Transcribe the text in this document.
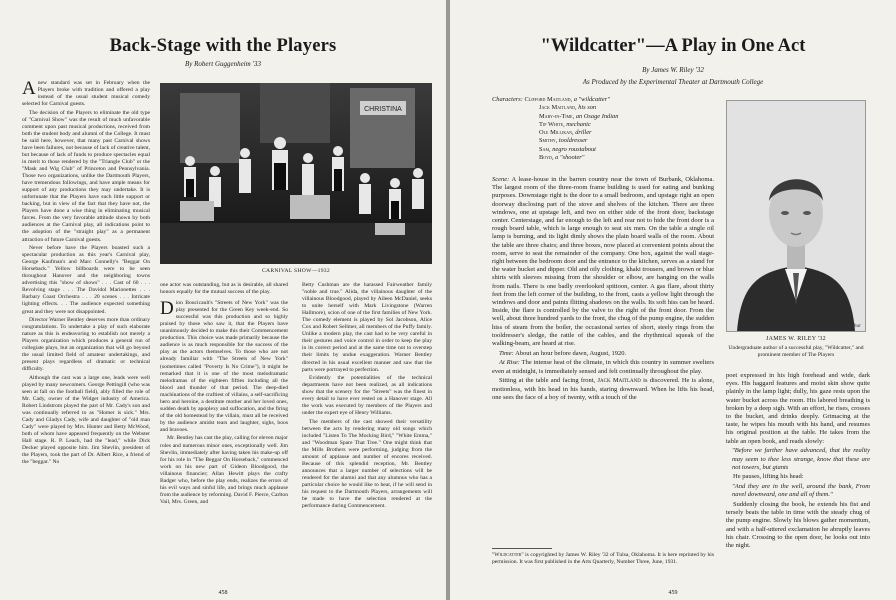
Back-Stage with the Players
By Robert Guggenheim '33

Anew standard was set in February when the Players broke with tradition and offered a play instead of the usual student musical comedy selected for Carnival guests.

The decision of the Players to eliminate the old type of "Carnival Show" was the result of much unfavorable comment upon past musical productions, received from both the student body and alumni of the College. It must be said here, however, that many past Carnival shows have been failures, not because of lack of creative talent, but because of lack of funds to produce spectacles equal in merit to those rendered by the "Triangle Club" or the "Mask and Wig Club" of Princeton and Pennsylvania. Those two organizations, unlike the Dartmouth Players, have tremendous followings, and have ample means for support of any productions they may undertake. It is unfortunate that the Players have such little support or backing, but in view of the fact that they have not, the Players have done a wise thing in eliminating musical farces. From the very favorable attitude shown by both audiences at the Carnival play, all indications point to the adoption of the "straight play" as a permanent attraction of future Carnival guests.

Never before have the Players boasted such a spectacular production as this year's Carnival play, George Kaufman's and Marc Connelly's "Beggar On Horseback." Yellow billboards were to be seen throughout Hanover and the neighboring towns advertising this "show of shows" . . . Cast of 60 . . . Revolving stage . . . The Davidol Marionettes . . . Barbary Coast Orchestra . . . 20 scenes . . . Intricate lighting effects. . . The audience expected something great and they were not disappointed.

Director Warner Bentley deserves more than ordinary congratulations. To undertake a play of such elaborate nature as this is endeavoring to establish not merely a Players organization which produces a general run of collegiate plays, but an organization that will go beyond the usual limited field of amateur undertakings, and present plays regardless of dramatic or technical difficulty.

Although the cast was a large one, leads were well played by many newcomers. George Pettingill (who was seen at fall on the football field), ably filled the role of Mr. Cady, owner of the Widget industry of America. Robert Lindstrom played the part of Mr. Cady's son and was continually referred to as "Homer is sick." Mrs. Cady and Gladys Cady, wife and daughter of "old man Cady" were played by Mrs. Hunter and Betty McWood, both of whom have appeared frequently on the Webster Hall stage. R. P. Leach, had the "lead," while Dick Decker played opposite him. Jim Shevlin, president of the Players, took the part of Dr. Albert Rice, a friend of the "beggar." No

CHRISTINA
CARNIVAL SHOW—1932

one actor was outstanding, but as is desirable, all shared honors equally for the mutual success of the play.

Dion Boucicault's "Streets of New York" was the play presented for the Green Key week-end. So successful was this production and so highly praised by those who saw it, that the Players have unanimously decided to make this their Commencement production. This choice was made primarily because the audience is as much responsible for the success of the play as the actors themselves. To those who are not already familiar with "The Streets of New York" (sometimes called "Poverty Is No Crime"), it might be remarked that it is one of the most melodramatic melodramas of the eighteen fifties including all the blood and thunder of that period. The deep-died machinations of the craftiest of villains, a self-sacrificing hero and heroine, a destitute mother and her loved ones, sudden death by apoplexy and suffocation, and the firing of the old homestead by the villain, must all be received by the audience amidst tears and laughter, sighs, boos and bravoes.

Mr. Bentley has cast the play, calling for eleven major roles and numerous minor ones, exceptionally well. Jim Shevlin, immediately after having taken his make-up off for his role in "The Beggar On Horseback," commenced work on his new part of Gideon Bloodgood, the villainous financier; Allan Hewitt plays the crafty Badger who, before the play ends, realizes the errors of his evil ways and sinful life, and brings much applause from the audience by reforming. David F. Pierce, Carlton Vail, Mrs. Green, and

Betty Cushman are the harassed Fairweather family "noble and true." Alida, the villainous daughter of the villainous Bloodgood, played by Aileen McDaniel, seeks to unite herself with Mark Livingstone (Warren Hallmore), scion of one of the first families of New York. The comedy element is played by Sol Jacobson, Alice Cox and Robert Sellmer, all members of the Puffy family. Unlike a modern play, the cast had to be very careful in their gestures and voice control in order to keep the play in its correct period and at the same time not to overstep their limits by undue exaggeration. Warner Bentley directed in his usual excellent manner and saw that the parts were portrayed to perfection.

Evidently the potentialities of the technical departments have not been realized, as all indications show that the scenery for the "Streets" was the finest in every detail to have ever rested on a Hanover stage. All the work was executed by members of the Players and under the expert eye of Henry Williams.

The members of the cast showed their versatility between the acts by rendering many old songs which included "Listen To The Mocking Bird," "White Emma," and "Woodman Spare That Tree." One might think that the Mills Brothers were performing, judging from the amount of applause and number of encores received. Because of this splendid reception, Mr. Bentley announces that a larger number of selections will be rendered for the alumni and that any alumnus who has a particular choice he would like to hear, if he will send in his request to the Dartmouth Players, arrangements will be made to have the selection rendered at the performance during Commencement.

458
"Wildcatter"—A Play in One Act
By James W. Riley '32
As Produced by the Experimental Theater at Dartmouth College
Characters: Clifford Maitland, a "wildcatter"
Jack Maitland, his son
Mary-in-Time, an Osage Indian
Tip White, mechanic
Ole Millikan, driller
Smithy, tooldresser
Sam, negro roustabout
Boyd, a "shooter"

Scene: A lease-house in the barren country near the town of Burbank, Oklahoma. The largest room of the three-room frame building is used for eating and bunking purposes. Downstage right is the door to a small bedroom, and upstage right an open doorway disclosing part of the stove and shelves of the kitchen. There are three windows, one at upstage left, and two on either side of the front door, backstage center. Centerstage, and far enough to the left and rear not to hide the front door is a rough board table, which is large enough to seat six men. On the table a single oil lamp is burning, and its light dimly shows the plain board walls of the room. About the table are three chairs; and three boxes, now placed at convenient points about the room, serve to seat the remainder of the company. One box, against the wall stage-right between the bedroom door and the entrance to the kitchen, serves as a stand for the water bucket and dipper. Old and oily clothing, khaki trousers, and brown or blue shirts with sleeves missing from the shoulder or elbow, are hanging on the walls from nails. There is one badly overlooked spittoon, center. A gas flare, about thirty feet from the left corner of the building, to the front, casts a yellow light through the windows and door and paints flitting shadows on the walls. Its soft hiss can be heard. Inside, the flare is controlled by the valve to the right of the front door. From the well, about three hundred yards to the front, the chug of the pump engine, the sudden hiss of steam from the boiler, the occasional series of short, steely rings from the tooldresser's sledge, the rattle of the cables, and the rhythmical squeak of the walking-beam, are heard at rise.

Time: About an hour before dawn, August, 1920.

At Rise: The intense heat of the climate, in which this country in summer swelters even at midnight, is immediately sensed and felt continually throughout the play.

Sitting at the table and facing front, Jack Maitland is discovered. He is alone, motionless, with his head in his hands, staring downward. When he lifts his head, one sees the face of a boy of twenty, with a touch of the

"Wildcatter" is copyrighted by James W. Riley '32 of Tulsa, Oklahoma. It is here reprinted by his permission. It was first published in the Arts Quarterly, Number Three, June, 1931.
Arthur
JAMES W. RILEY '32
Undergraduate author of a successful play, "Wildcatter," and prominent member of The Players

poet expressed in his high forehead and wide, dark eyes. His haggard features and moist skin show quite plainly in the lamp light; dully, his gaze rests upon the water bucket across the room. His labored breathing is broken by a deep sigh. With an effort, he rises, crosses to the bucket, and drinks deeply. Grimacing at the taste, he wipes his mouth with his hand, and resumes his original position at the table. He takes from the table an open book, and reads slowly:

"Before we farther have advanced, that the reality may seem to thee less strange, know that these are not towers, but giants

He pauses, lifting his head:

"And they are in the well, around the bank, From navel downward, one and all of them."

Suddenly closing the book, he extends his fist and tersely beats the table in time with the steady chug of the pump engine. Slowly his blows gather momentum, and with a half-uttered exclamation he abruptly leaves his chair. Crossing to the open door, he looks out into the night.

459
